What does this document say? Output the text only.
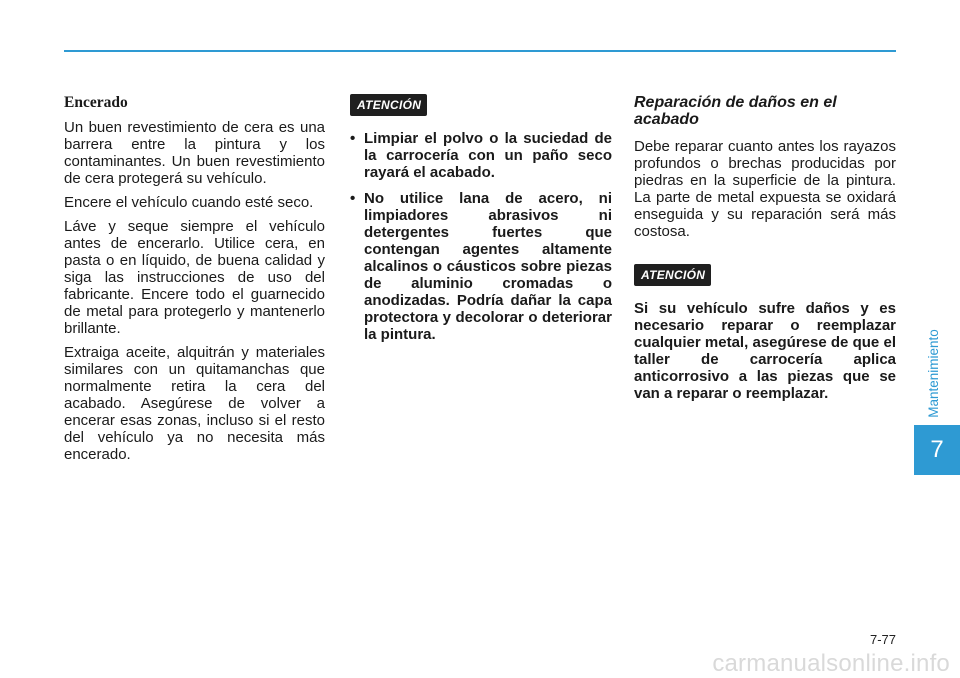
Encerado

Un buen revestimiento de cera es una barrera entre la pintura y los contaminantes. Un buen revestimiento de cera protegerá su vehículo.

Encere el vehículo cuando esté seco.

Láve y seque siempre el vehículo antes de encerarlo. Utilice cera, en pasta o en líquido, de buena calidad y siga las instrucciones de uso del fabricante. Encere todo el guarnecido de metal para protegerlo y mantenerlo brillante.

Extraiga aceite, alquitrán y materiales similares con un quitamanchas que normalmente retira la cera del acabado. Asegúrese de volver a encerar esas zonas, incluso si el resto del vehículo ya no necesita más encerado.

ATENCIÓN
• Limpiar el polvo o la suciedad de la carrocería con un paño seco rayará el acabado.
• No utilice lana de acero, ni limpiadores abrasivos ni detergentes fuertes que contengan agentes altamente alcalinos o cáusticos sobre piezas de aluminio cromadas o anodizadas. Podría dañar la capa protectora y decolorar o deteriorar la pintura.
Reparación de daños en el acabado

Debe reparar cuanto antes los rayazos profundos o brechas producidas por piedras en la superficie de la pintura. La parte de metal expuesta se oxidará enseguida y su reparación será más costosa.

ATENCIÓN

Si su vehículo sufre daños y es necesario reparar o reemplazar cualquier metal, asegúrese de que el taller de carrocería aplica anticorrosivo a las piezas que se van a reparar o reemplazar.	Mantenimiento
7
7-77
carmanualsonline.info
